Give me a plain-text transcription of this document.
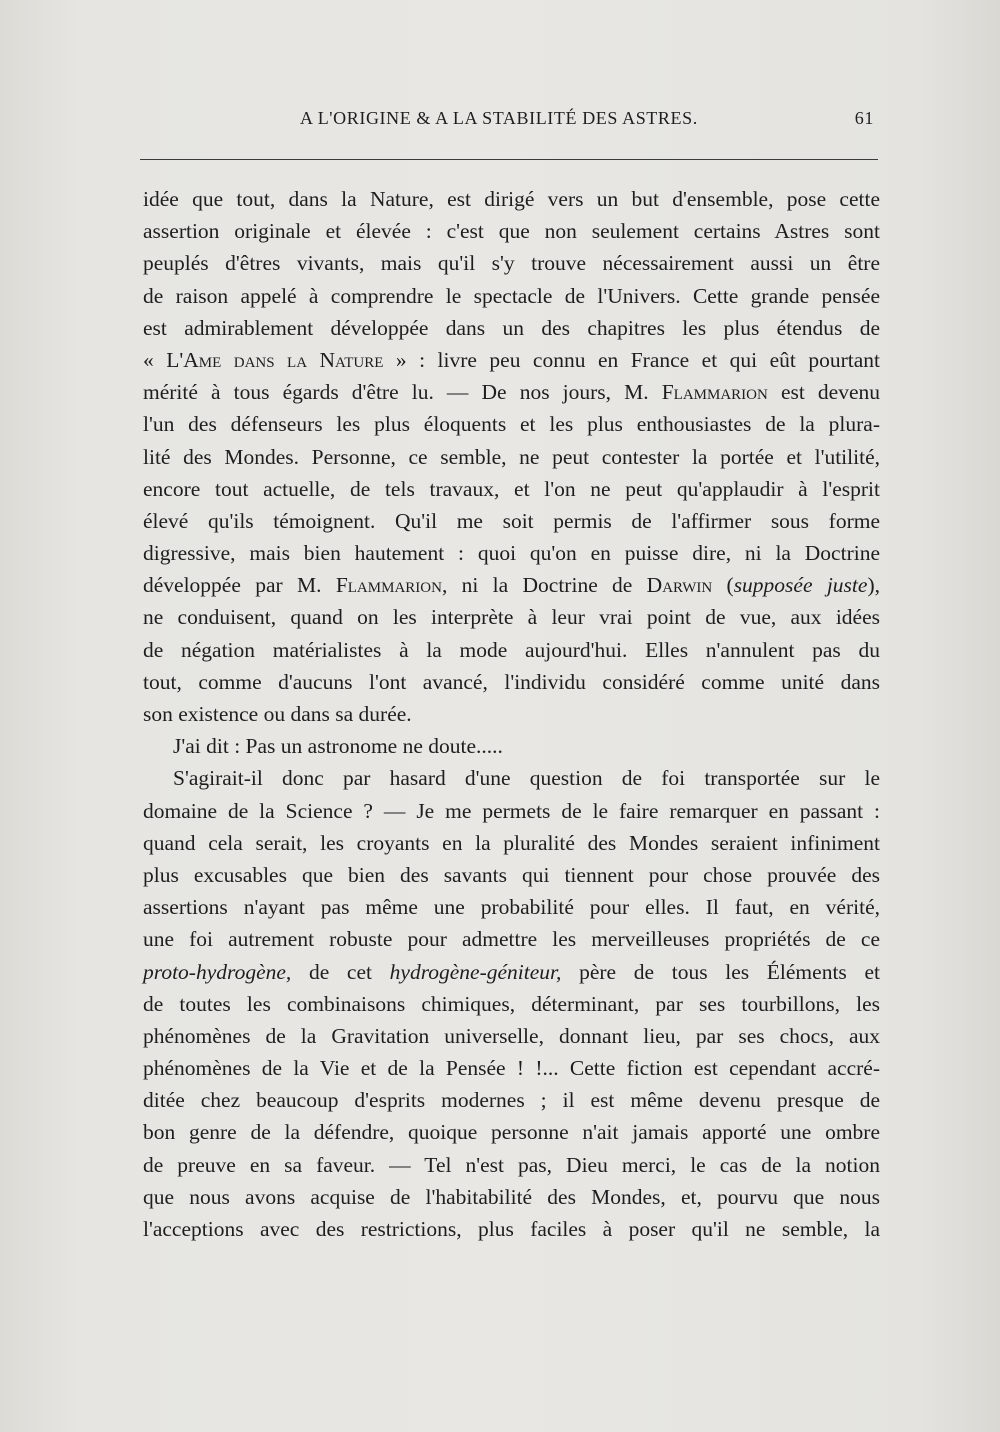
A L'ORIGINE & A LA STABILITÉ DES ASTRES.	61
idée que tout, dans la Nature, est dirigé vers un but d'ensemble, pose cette
assertion originale et élevée : c'est que non seulement certains Astres sont
peuplés d'êtres vivants, mais qu'il s'y trouve nécessairement aussi un être
de raison appelé à comprendre le spectacle de l'Univers. Cette grande pensée
est admirablement développée dans un des chapitres les plus étendus de
« L'Ame dans la Nature » : livre peu connu en France et qui eût pourtant
mérité à tous égards d'être lu. — De nos jours, M. Flammarion est devenu
l'un des défenseurs les plus éloquents et les plus enthousiastes de la plura-
lité des Mondes. Personne, ce semble, ne peut contester la portée et l'utilité,
encore tout actuelle, de tels travaux, et l'on ne peut qu'applaudir à l'esprit
élevé qu'ils témoignent. Qu'il me soit permis de l'affirmer sous forme
digressive, mais bien hautement : quoi qu'on en puisse dire, ni la Doctrine
développée par M. Flammarion, ni la Doctrine de Darwin (supposée juste),
ne conduisent, quand on les interprète à leur vrai point de vue, aux idées
de négation matérialistes à la mode aujourd'hui. Elles n'annulent pas du
tout, comme d'aucuns l'ont avancé, l'individu considéré comme unité dans
son existence ou dans sa durée.
J'ai dit : Pas un astronome ne doute.....
S'agirait-il donc par hasard d'une question de foi transportée sur le
domaine de la Science ? — Je me permets de le faire remarquer en passant :
quand cela serait, les croyants en la pluralité des Mondes seraient infiniment
plus excusables que bien des savants qui tiennent pour chose prouvée des
assertions n'ayant pas même une probabilité pour elles. Il faut, en vérité,
une foi autrement robuste pour admettre les merveilleuses propriétés de ce
proto-hydrogène, de cet hydrogène-géniteur, père de tous les Éléments et
de toutes les combinaisons chimiques, déterminant, par ses tourbillons, les
phénomènes de la Gravitation universelle, donnant lieu, par ses chocs, aux
phénomènes de la Vie et de la Pensée ! !... Cette fiction est cependant accré-
ditée chez beaucoup d'esprits modernes ; il est même devenu presque de
bon genre de la défendre, quoique personne n'ait jamais apporté une ombre
de preuve en sa faveur. — Tel n'est pas, Dieu merci, le cas de la notion
que nous avons acquise de l'habitabilité des Mondes, et, pourvu que nous
l'acceptions avec des restrictions, plus faciles à poser qu'il ne semble, la
